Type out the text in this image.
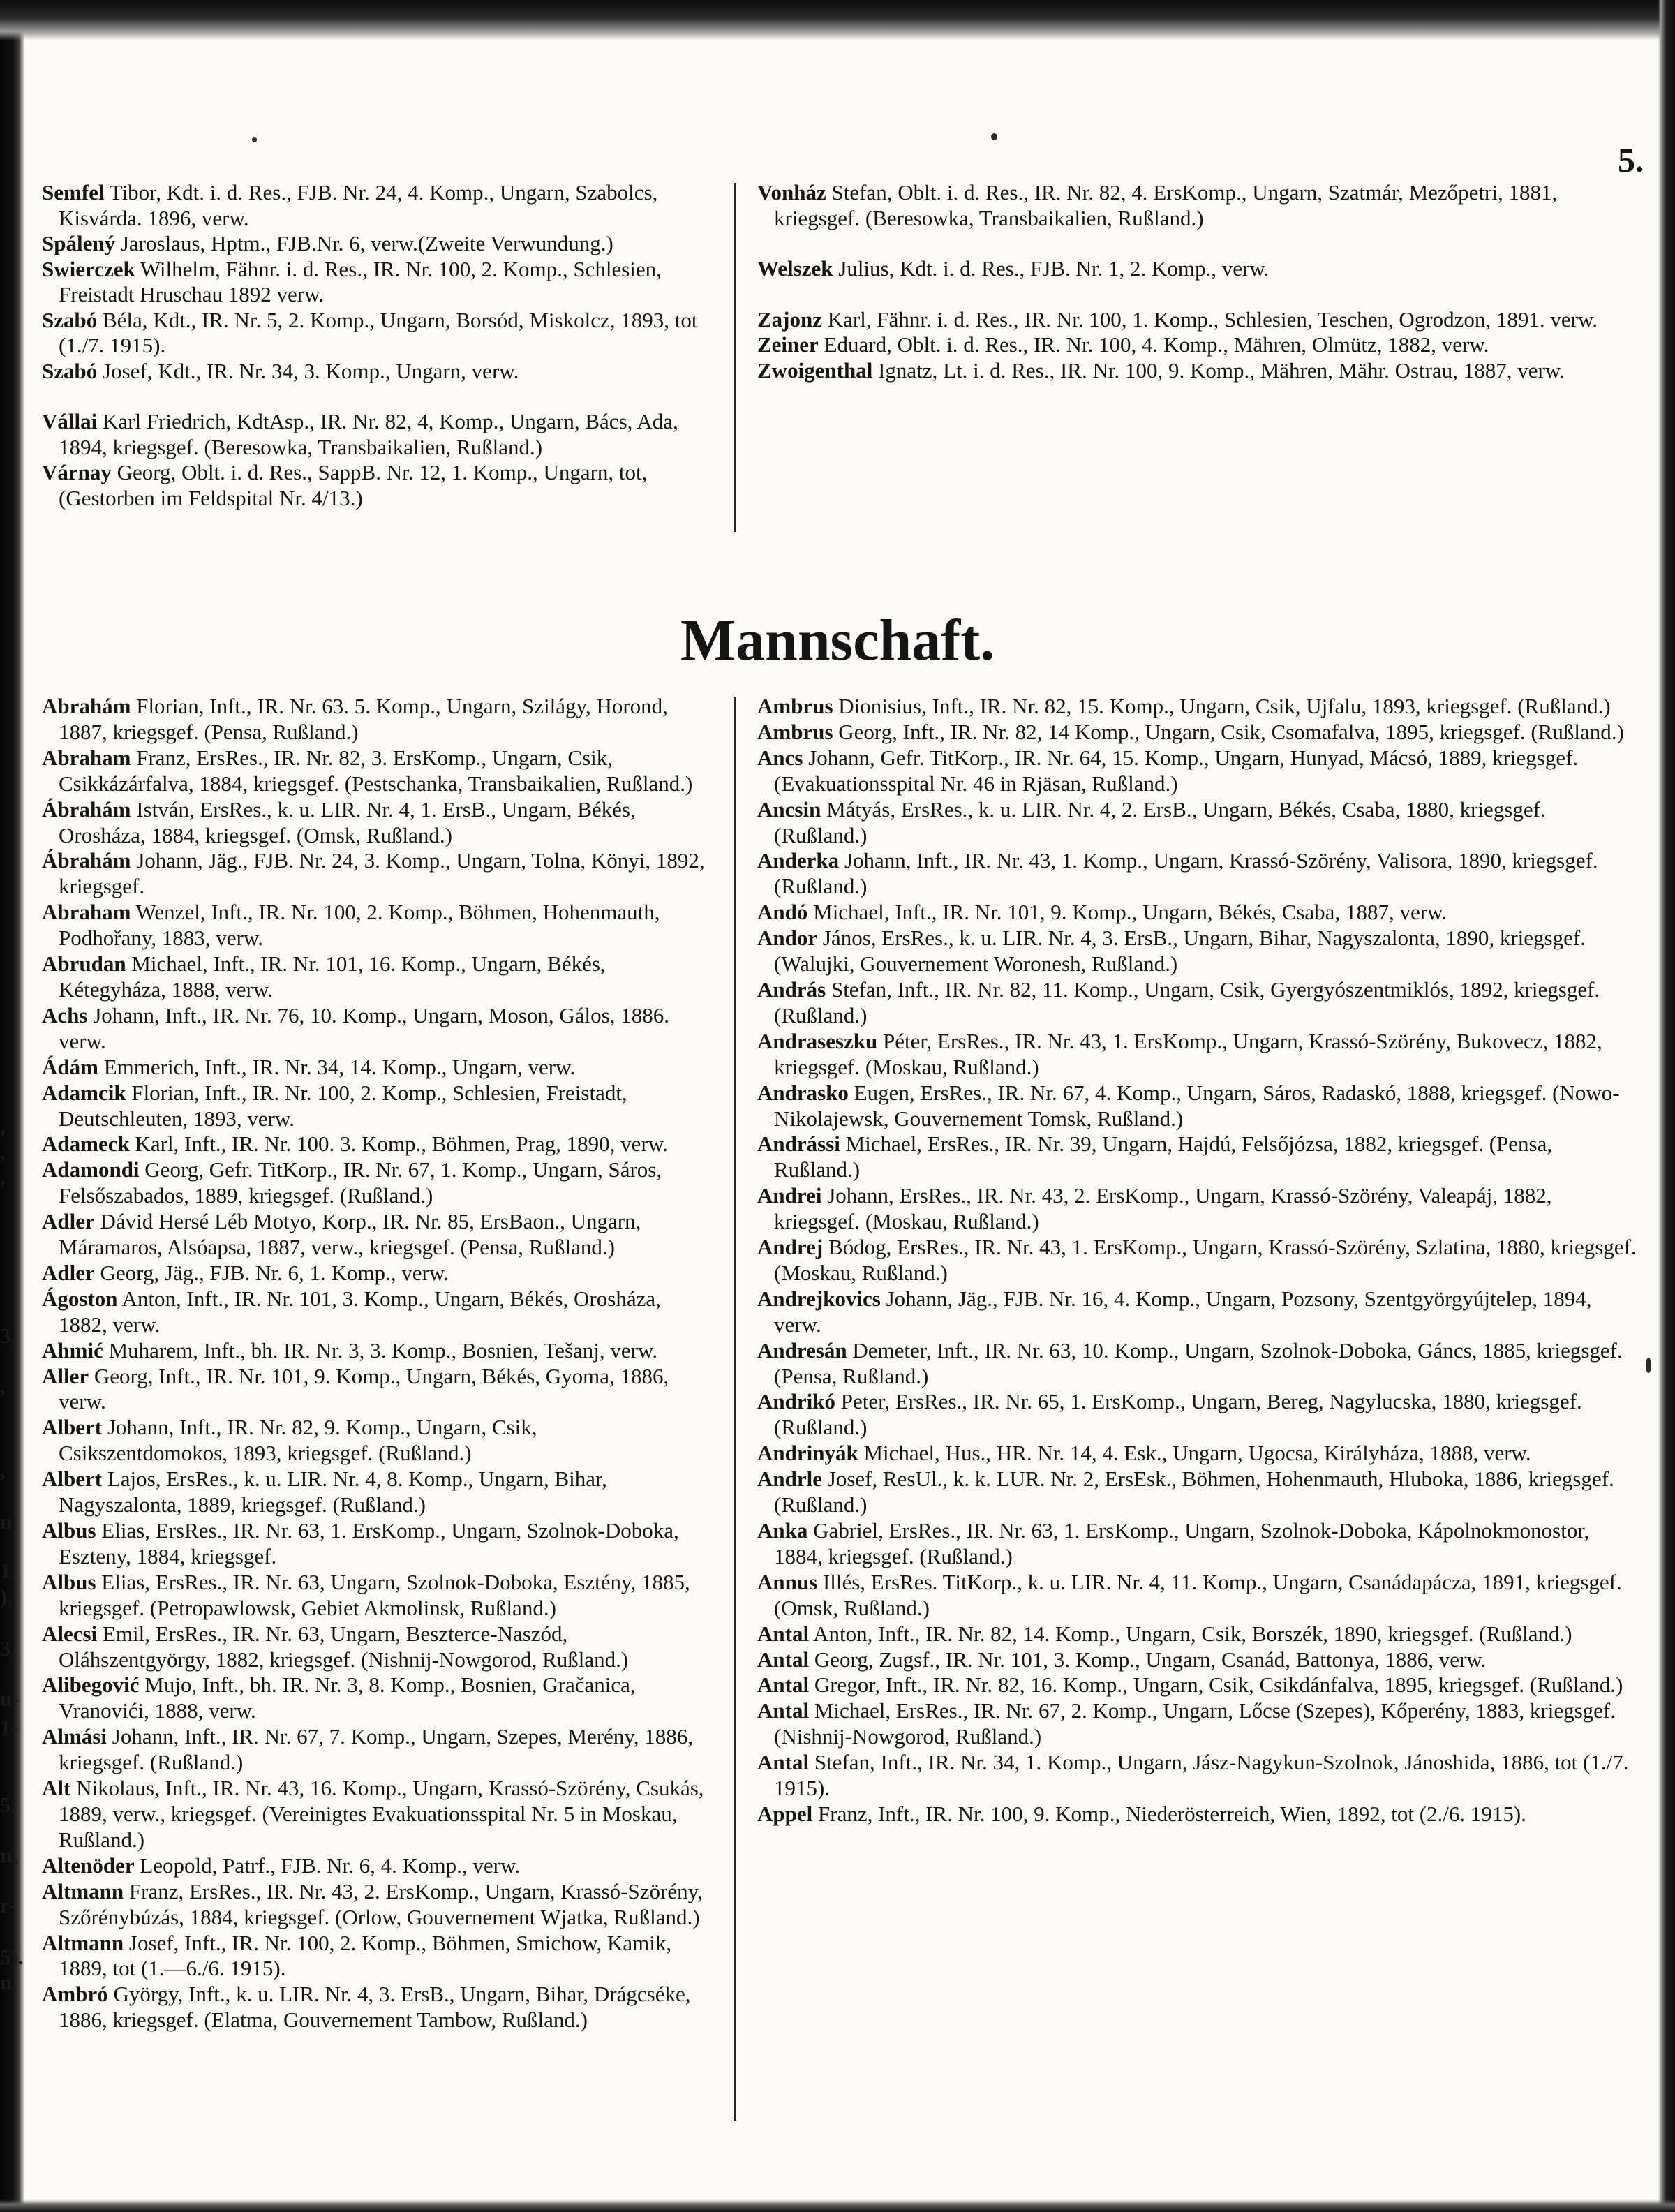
5.
Semfel Tibor, Kdt. i. d. Res., FJB. Nr. 24, 4. Komp., Ungarn, Szabolcs, Kisvárda. 1896, verw.
Spálený Jaroslaus, Hptm., FJB.Nr. 6, verw.(Zweite Verwundung.)
Swierczek Wilhelm, Fähnr. i. d. Res., IR. Nr. 100, 2. Komp., Schlesien, Freistadt Hruschau 1892 verw.
Szabó Béla, Kdt., IR. Nr. 5, 2. Komp., Ungarn, Borsód, Miskolcz, 1893, tot (1./7. 1915).
Szabó Josef, Kdt., IR. Nr. 34, 3. Komp., Ungarn, verw.
Vállai Karl Friedrich, KdtAsp., IR. Nr. 82, 4, Komp., Ungarn, Bács, Ada, 1894, kriegsgef. (Beresowka, Transbaikalien, Rußland.)
Várnay Georg, Oblt. i. d. Res., SappB. Nr. 12, 1. Komp., Ungarn, tot, (Gestorben im Feldspital Nr. 4/13.)
Vonház Stefan, Oblt. i. d. Res., IR. Nr. 82, 4. ErsKomp., Ungarn, Szatmár, Mezőpetri, 1881, kriegsgef. (Beresowka, Transbaikalien, Rußland.)
Welszek Julius, Kdt. i. d. Res., FJB. Nr. 1, 2. Komp., verw.
Zajonz Karl, Fähnr. i. d. Res., IR. Nr. 100, 1. Komp., Schlesien, Teschen, Ogrodzon, 1891. verw.
Zeiner Eduard, Oblt. i. d. Res., IR. Nr. 100, 4. Komp., Mähren, Olmütz, 1882, verw.
Zwoigenthal Ignatz, Lt. i. d. Res., IR. Nr. 100, 9. Komp., Mähren, Mähr. Ostrau, 1887, verw.
Mannschaft.
Abrahám Florian, Inft., IR. Nr. 63. 5. Komp., Ungarn, Szilágy, Horond, 1887, kriegsgef. (Pensa, Rußland.)
Abraham Franz, ErsRes., IR. Nr. 82, 3. ErsKomp., Ungarn, Csik, Csikkázárfalva, 1884, kriegsgef. (Pestschanka, Transbaikalien, Rußland.)
Ábrahám István, ErsRes., k. u. LIR. Nr. 4, 1. ErsB., Ungarn, Békés, Orosháza, 1884, kriegsgef. (Omsk, Rußland.)
Ábrahám Johann, Jäg., FJB. Nr. 24, 3. Komp., Ungarn, Tolna, Könyi, 1892, kriegsgef.
Abraham Wenzel, Inft., IR. Nr. 100, 2. Komp., Böhmen, Hohenmauth, Podhořany, 1883, verw.
Abrudan Michael, Inft., IR. Nr. 101, 16. Komp., Ungarn, Békés, Kétegyháza, 1888, verw.
Achs Johann, Inft., IR. Nr. 76, 10. Komp., Ungarn, Moson, Gálos, 1886. verw.
Ádám Emmerich, Inft., IR. Nr. 34, 14. Komp., Ungarn, verw.
Adamcik Florian, Inft., IR. Nr. 100, 2. Komp., Schlesien, Freistadt, Deutschleuten, 1893, verw.
Adameck Karl, Inft., IR. Nr. 100. 3. Komp., Böhmen, Prag, 1890, verw.
Adamondi Georg, Gefr. TitKorp., IR. Nr. 67, 1. Komp., Ungarn, Sáros, Felsőszabados, 1889, kriegsgef. (Rußland.)
Adler Dávid Hersé Léb Motyo, Korp., IR. Nr. 85, ErsBaon., Ungarn, Máramaros, Alsóapsa, 1887, verw., kriegsgef. (Pensa, Rußland.)
Adler Georg, Jäg., FJB. Nr. 6, 1. Komp., verw.
Ágoston Anton, Inft., IR. Nr. 101, 3. Komp., Ungarn, Békés, Orosháza, 1882, verw.
Ahmić Muharem, Inft., bh. IR. Nr. 3, 3. Komp., Bosnien, Tešanj, verw.
Aller Georg, Inft., IR. Nr. 101, 9. Komp., Ungarn, Békés, Gyoma, 1886, verw.
Albert Johann, Inft., IR. Nr. 82, 9. Komp., Ungarn, Csik, Csikszentdomokos, 1893, kriegsgef. (Rußland.)
Albert Lajos, ErsRes., k. u. LIR. Nr. 4, 8. Komp., Ungarn, Bihar, Nagyszalonta, 1889, kriegsgef. (Rußland.)
Albus Elias, ErsRes., IR. Nr. 63, 1. ErsKomp., Ungarn, Szolnok-Doboka, Eszteny, 1884, kriegsgef.
Albus Elias, ErsRes., IR. Nr. 63, Ungarn, Szolnok-Doboka, Esztény, 1885, kriegsgef. (Petropawlowsk, Gebiet Akmolinsk, Rußland.)
Alecsi Emil, ErsRes., IR. Nr. 63, Ungarn, Beszterce-Naszód, Oláhszentgyörgy, 1882, kriegsgef. (Nishnij-Nowgorod, Rußland.)
Alibegović Mujo, Inft., bh. IR. Nr. 3, 8. Komp., Bosnien, Gračanica, Vranovići, 1888, verw.
Almási Johann, Inft., IR. Nr. 67, 7. Komp., Ungarn, Szepes, Merény, 1886, kriegsgef. (Rußland.)
Alt Nikolaus, Inft., IR. Nr. 43, 16. Komp., Ungarn, Krassó-Szörény, Csukás, 1889, verw., kriegsgef. (Vereinigtes Evakuationsspital Nr. 5 in Moskau, Rußland.)
Altenöder Leopold, Patrf., FJB. Nr. 6, 4. Komp., verw.
Altmann Franz, ErsRes., IR. Nr. 43, 2. ErsKomp., Ungarn, Krassó-Szörény, Szőrénybúzás, 1884, kriegsgef. (Orlow, Gouvernement Wjatka, Rußland.)
Altmann Josef, Inft., IR. Nr. 100, 2. Komp., Böhmen, Smichow, Kamik, 1889, tot (1.—6./6. 1915).
Ambró György, Inft., k. u. LIR. Nr. 4, 3. ErsB., Ungarn, Bihar, Drágcséke, 1886, kriegsgef. (Elatma, Gouvernement Tambow, Rußland.)
Ambrus Dionisius, Inft., IR. Nr. 82, 15. Komp., Ungarn, Csik, Ujfalu, 1893, kriegsgef. (Rußland.)
Ambrus Georg, Inft., IR. Nr. 82, 14 Komp., Ungarn, Csik, Csomafalva, 1895, kriegsgef. (Rußland.)
Ancs Johann, Gefr. TitKorp., IR. Nr. 64, 15. Komp., Ungarn, Hunyad, Mácsó, 1889, kriegsgef. (Evakuationsspital Nr. 46 in Rjäsan, Rußland.)
Ancsin Mátyás, ErsRes., k. u. LIR. Nr. 4, 2. ErsB., Ungarn, Békés, Csaba, 1880, kriegsgef. (Rußland.)
Anderka Johann, Inft., IR. Nr. 43, 1. Komp., Ungarn, Krassó-Szörény, Valisora, 1890, kriegsgef. (Rußland.)
Andó Michael, Inft., IR. Nr. 101, 9. Komp., Ungarn, Békés, Csaba, 1887, verw.
Andor János, ErsRes., k. u. LIR. Nr. 4, 3. ErsB., Ungarn, Bihar, Nagyszalonta, 1890, kriegsgef. (Walujki, Gouvernement Woronesh, Rußland.)
András Stefan, Inft., IR. Nr. 82, 11. Komp., Ungarn, Csik, Gyergyószentmiklós, 1892, kriegsgef. (Rußland.)
Andraseszku Péter, ErsRes., IR. Nr. 43, 1. ErsKomp., Ungarn, Krassó-Szörény, Bukovecz, 1882, kriegsgef. (Moskau, Rußland.)
Andrasko Eugen, ErsRes., IR. Nr. 67, 4. Komp., Ungarn, Sáros, Radaskó, 1888, kriegsgef. (Nowo-Nikolajewsk, Gouvernement Tomsk, Rußland.)
Andrássi Michael, ErsRes., IR. Nr. 39, Ungarn, Hajdú, Felsőjózsa, 1882, kriegsgef. (Pensa, Rußland.)
Andrei Johann, ErsRes., IR. Nr. 43, 2. ErsKomp., Ungarn, Krassó-Szörény, Valeapáj, 1882, kriegsgef. (Moskau, Rußland.)
Andrej Bódog, ErsRes., IR. Nr. 43, 1. ErsKomp., Ungarn, Krassó-Szörény, Szlatina, 1880, kriegsgef. (Moskau, Rußland.)
Andrejkovics Johann, Jäg., FJB. Nr. 16, 4. Komp., Ungarn, Pozsony, Szentgyörgyújtelep, 1894, verw.
Andresán Demeter, Inft., IR. Nr. 63, 10. Komp., Ungarn, Szolnok-Doboka, Gáncs, 1885, kriegsgef. (Pensa, Rußland.)
Andrikó Peter, ErsRes., IR. Nr. 65, 1. ErsKomp., Ungarn, Bereg, Nagylucska, 1880, kriegsgef. (Rußland.)
Andrinyák Michael, Hus., HR. Nr. 14, 4. Esk., Ungarn, Ugocsa, Királyháza, 1888, verw.
Andrle Josef, ResUl., k. k. LUR. Nr. 2, ErsEsk., Böhmen, Hohenmauth, Hluboka, 1886, kriegsgef. (Rußland.)
Anka Gabriel, ErsRes., IR. Nr. 63, 1. ErsKomp., Ungarn, Szolnok-Doboka, Kápolnokmonostor, 1884, kriegsgef. (Rußland.)
Annus Illés, ErsRes. TitKorp., k. u. LIR. Nr. 4, 11. Komp., Ungarn, Csanádapácza, 1891, kriegsgef. (Omsk, Rußland.)
Antal Anton, Inft., IR. Nr. 82, 14. Komp., Ungarn, Csik, Borszék, 1890, kriegsgef. (Rußland.)
Antal Georg, Zugsf., IR. Nr. 101, 3. Komp., Ungarn, Csanád, Battonya, 1886, verw.
Antal Gregor, Inft., IR. Nr. 82, 16. Komp., Ungarn, Csik, Csikdánfalva, 1895, kriegsgef. (Rußland.)
Antal Michael, ErsRes., IR. Nr. 67, 2. Komp., Ungarn, Lőcse (Szepes), Kőperény, 1883, kriegsgef. (Nishnij-Nowgorod, Rußland.)
Antal Stefan, Inft., IR. Nr. 34, 1. Komp., Ungarn, Jász-Nagykun-Szolnok, Jánoshida, 1886, tot (1./7. 1915).
Appel Franz, Inft., IR. Nr. 100, 9. Komp., Niederösterreich, Wien, 1892, tot (2./6. 1915).
,
,
,
3,
,
,
n
1,
),
3,
u-
1-
5.
ır,
r-
5).
n,
